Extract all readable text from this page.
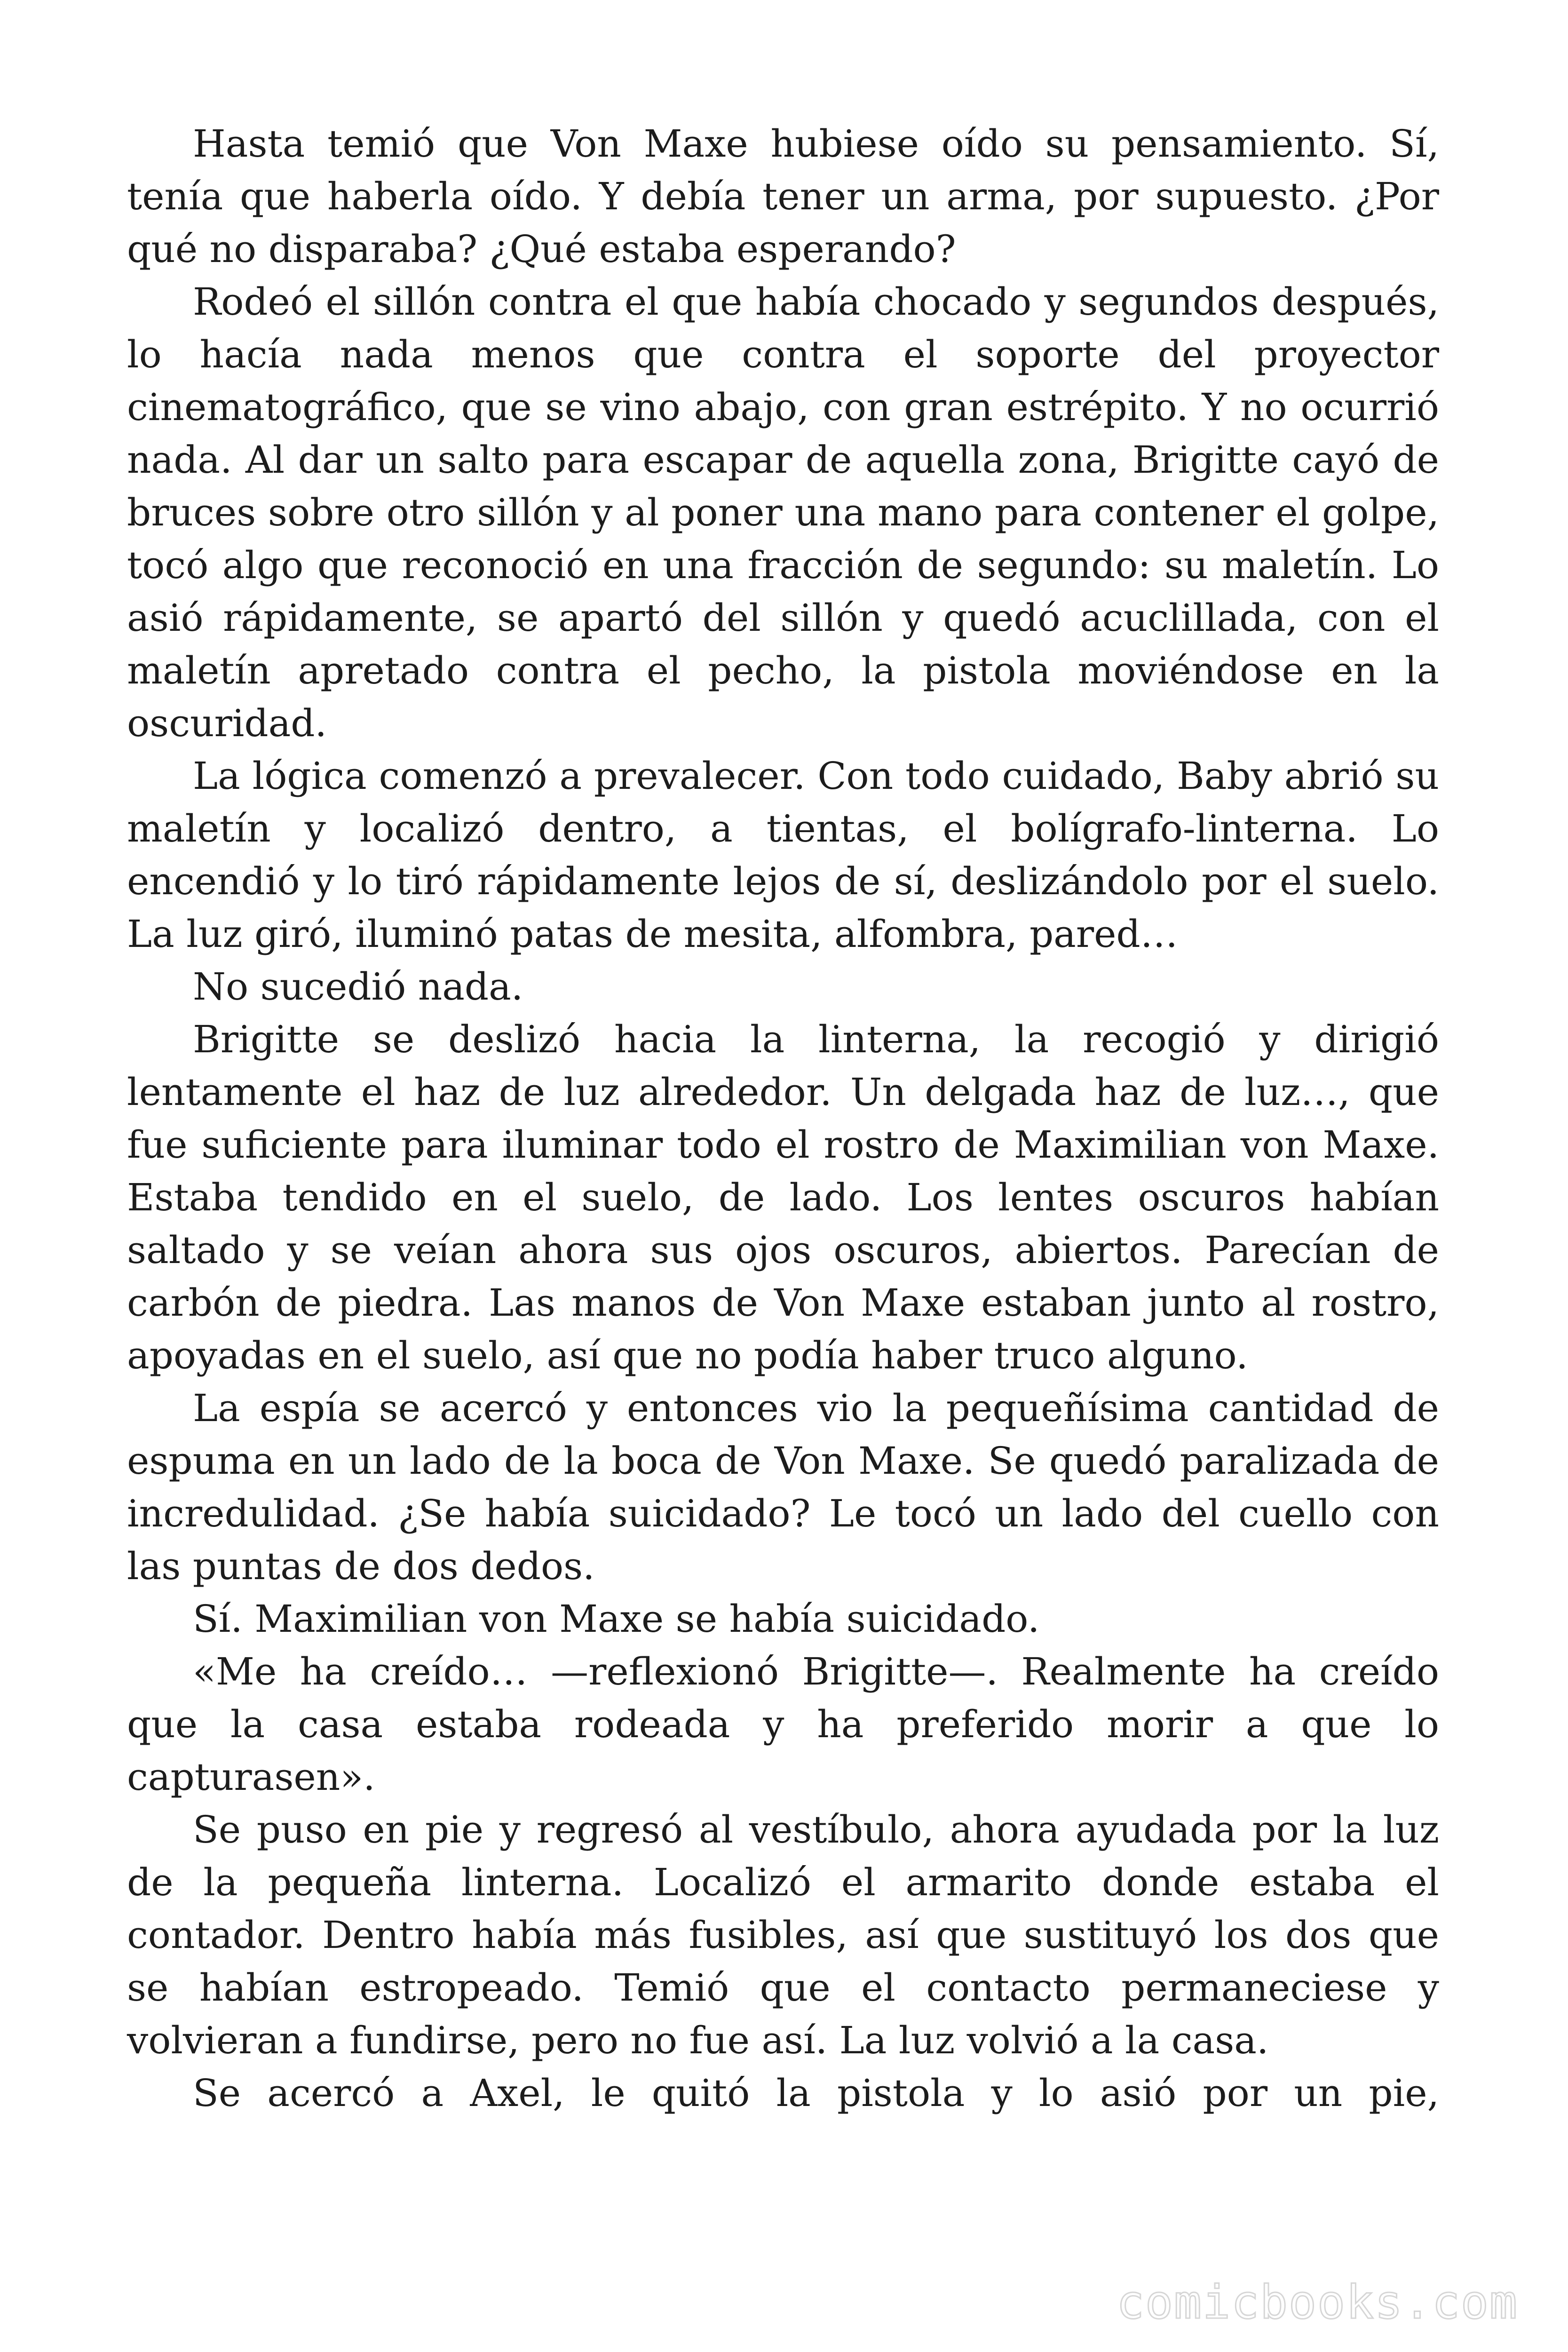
Hasta temió que Von Maxe hubiese oído su pensamiento. Sí, tenía que haberla oído. Y debía tener un arma, por supuesto. ¿Por qué no disparaba? ¿Qué estaba esperando?

Rodeó el sillón contra el que había chocado y segundos después, lo hacía nada menos que contra el soporte del proyector cinematográfico, que se vino abajo, con gran estrépito. Y no ocurrió nada. Al dar un salto para escapar de aquella zona, Brigitte cayó de bruces sobre otro sillón y al poner una mano para contener el golpe, tocó algo que reconoció en una fracción de segundo: su maletín. Lo asió rápidamente, se apartó del sillón y quedó acuclillada, con el maletín apretado contra el pecho, la pistola moviéndose en la oscuridad.

La lógica comenzó a prevalecer. Con todo cuidado, Baby abrió su maletín y localizó dentro, a tientas, el bolígrafo-linterna. Lo encendió y lo tiró rápidamente lejos de sí, deslizándolo por el suelo. La luz giró, iluminó patas de mesita, alfombra, pared…

No sucedió nada.

Brigitte se deslizó hacia la linterna, la recogió y dirigió lentamente el haz de luz alrededor. Un delgada haz de luz…, que fue suficiente para iluminar todo el rostro de Maximilian von Maxe. Estaba tendido en el suelo, de lado. Los lentes oscuros habían saltado y se veían ahora sus ojos oscuros, abiertos. Parecían de carbón de piedra. Las manos de Von Maxe estaban junto al rostro, apoyadas en el suelo, así que no podía haber truco alguno.

La espía se acercó y entonces vio la pequeñísima cantidad de espuma en un lado de la boca de Von Maxe. Se quedó paralizada de incredulidad. ¿Se había suicidado? Le tocó un lado del cuello con las puntas de dos dedos.

Sí. Maximilian von Maxe se había suicidado.

«Me ha creído… —reflexionó Brigitte—. Realmente ha creído que la casa estaba rodeada y ha preferido morir a que lo capturasen».

Se puso en pie y regresó al vestíbulo, ahora ayudada por la luz de la pequeña linterna. Localizó el armarito donde estaba el contador. Dentro había más fusibles, así que sustituyó los dos que se habían estropeado. Temió que el contacto permaneciese y volvieran a fundirse, pero no fue así. La luz volvió a la casa.

Se acercó a Axel, le quitó la pistola y lo asió por un pie,

comicbooks.com
